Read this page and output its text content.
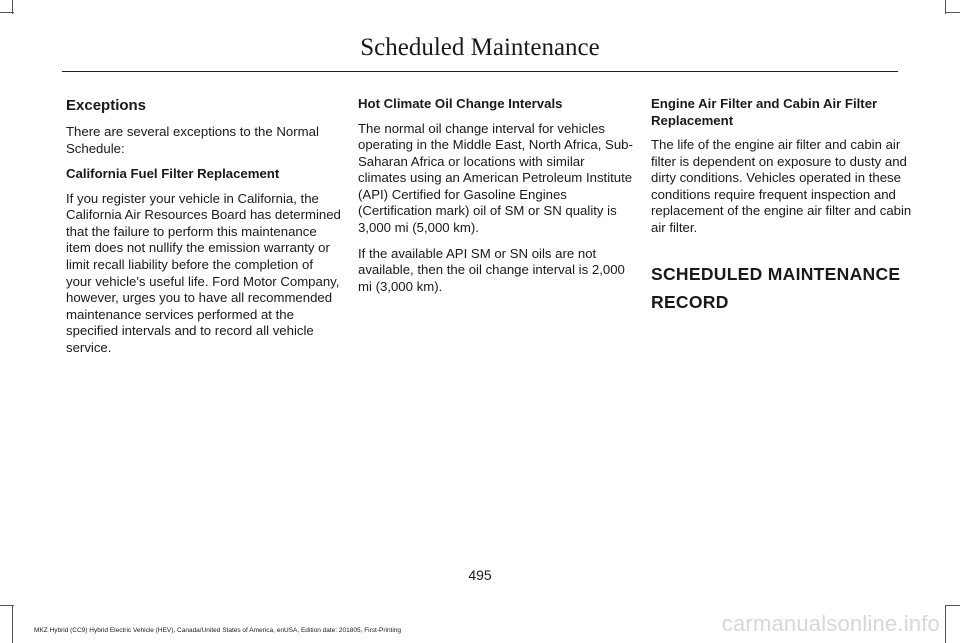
Scheduled Maintenance
Exceptions

There are several exceptions to the Normal Schedule:

California Fuel Filter Replacement

If you register your vehicle in California, the California Air Resources Board has determined that the failure to perform this maintenance item does not nullify the emission warranty or limit recall liability before the completion of your vehicle's useful life. Ford Motor Company, however, urges you to have all recommended maintenance services performed at the specified intervals and to record all vehicle service.

Hot Climate Oil Change Intervals

The normal oil change interval for vehicles operating in the Middle East, North Africa, Sub-Saharan Africa or locations with similar climates using an American Petroleum Institute (API) Certified for Gasoline Engines (Certification mark) oil of SM or SN quality is 3,000 mi (5,000 km).

If the available API SM or SN oils are not available, then the oil change interval is 2,000 mi (3,000 km).

Engine Air Filter and Cabin Air Filter Replacement

The life of the engine air filter and cabin air filter is dependent on exposure to dusty and dirty conditions. Vehicles operated in these conditions require frequent inspection and replacement of the engine air filter and cabin air filter.

SCHEDULED MAINTENANCE
RECORD
495
MKZ Hybrid (CC9) Hybrid Electric Vehicle (HEV), Canada/United States of America, enUSA, Edition date: 201805, First-Printing	carmanualsonline.info
